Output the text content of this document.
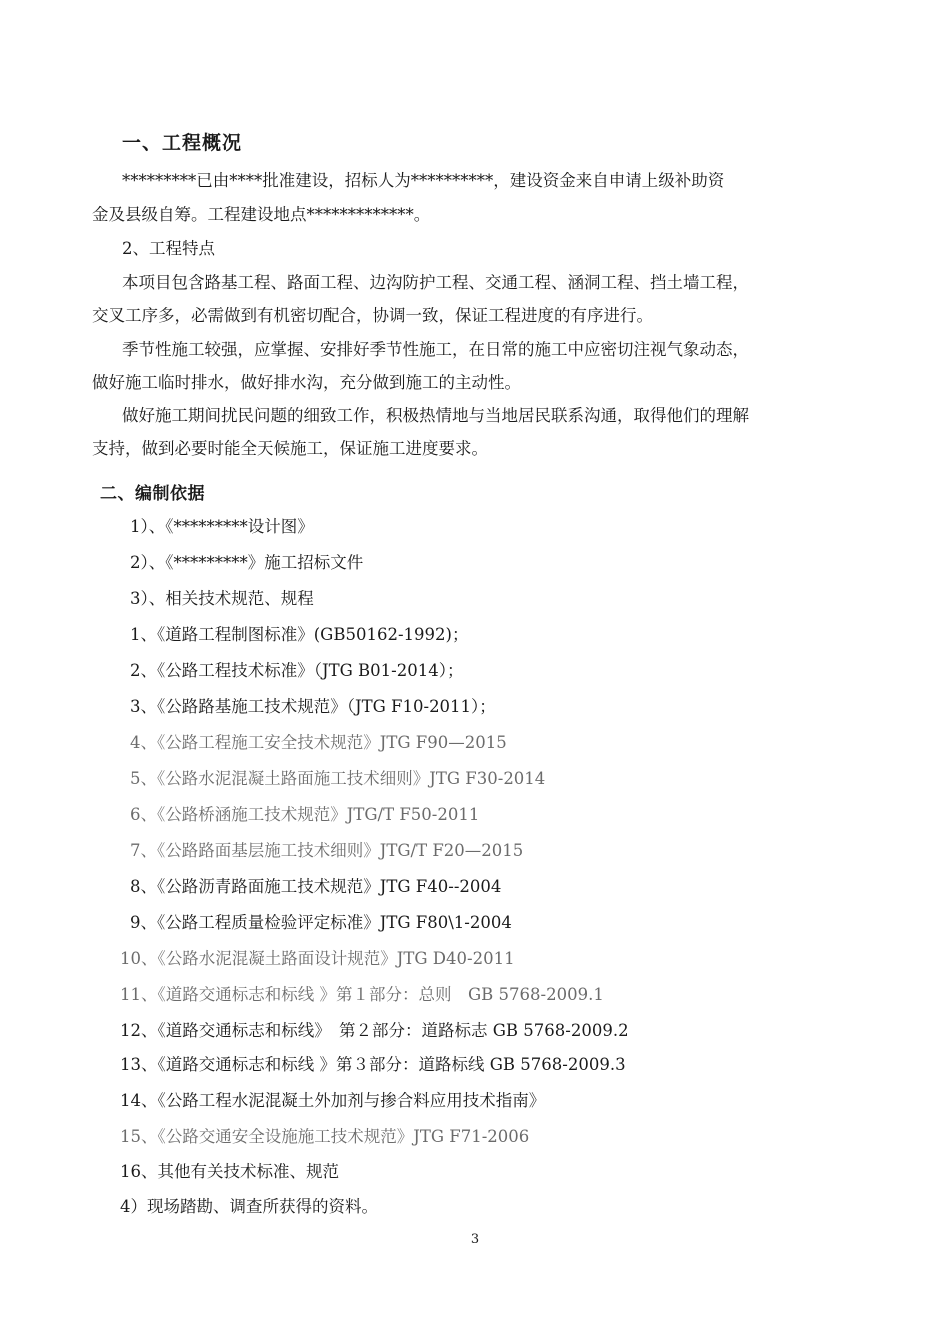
一、工程概况
*********已由****批准建设，招标人为**********，建设资金来自申请上级补助资
金及县级自筹。工程建设地点*************。
2、工程特点
本项目包含路基工程、路面工程、边沟防护工程、交通工程、涵洞工程、挡土墙工程，
交叉工序多，必需做到有机密切配合，协调一致，保证工程进度的有序进行。
季节性施工较强，应掌握、安排好季节性施工，在日常的施工中应密切注视气象动态，
做好施工临时排水，做好排水沟，充分做到施工的主动性。
做好施工期间扰民问题的细致工作，积极热情地与当地居民联系沟通，取得他们的理解
支持，做到必要时能全天候施工，保证施工进度要求。
二、编制依据
1）、《*********设计图》
2）、《*********》施工招标文件
3）、相关技术规范、规程
1、《道路工程制图标准》(GB50162-1992)；
2、《公路工程技术标准》（JTG B01-2014）；
3、《公路路基施工技术规范》（JTG F10-2011）；
4、《公路工程施工安全技术规范》JTG F90—2015
5、《公路水泥混凝土路面施工技术细则》JTG F30-2014
6、《公路桥涵施工技术规范》JTG/T F50-2011
7、《公路路面基层施工技术细则》JTG/T F20—2015
8、《公路沥青路面施工技术规范》JTG F40--2004
9、《公路工程质量检验评定标准》JTG F80\1-2004
10、《公路水泥混凝土路面设计规范》JTG D40-2011
11、《道路交通标志和标线 》第１部分：总则　GB 5768-2009.1
12、《道路交通标志和标线》　第２部分：道路标志 GB 5768-2009.2
13、《道路交通标志和标线 》第３部分：道路标线 GB 5768-2009.3
14、《公路工程水泥混凝土外加剂与掺合料应用技术指南》
15、《公路交通安全设施施工技术规范》JTG F71-2006
16、其他有关技术标准、规范
4）现场踏勘、调查所获得的资料。
3
